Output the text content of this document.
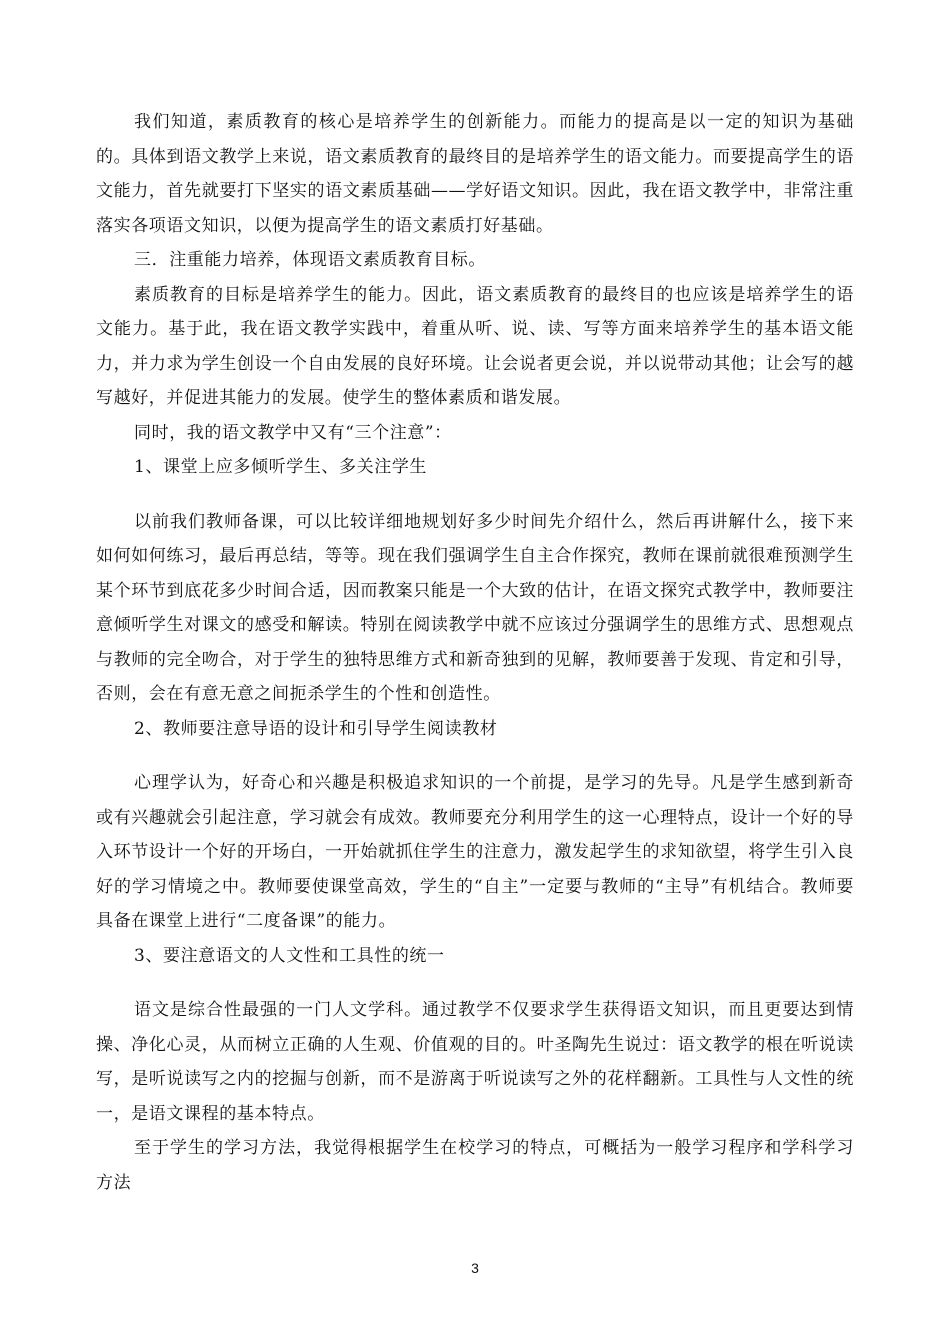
我们知道，素质教育的核心是培养学生的创新能力。而能力的提高是以一定的知识为基础的。具体到语文教学上来说，语文素质教育的最终目的是培养学生的语文能力。而要提高学生的语文能力，首先就要打下坚实的语文素质基础——学好语文知识。因此，我在语文教学中，非常注重落实各项语文知识，以便为提高学生的语文素质打好基础。

三．注重能力培养，体现语文素质教育目标。

素质教育的目标是培养学生的能力。因此，语文素质教育的最终目的也应该是培养学生的语文能力。基于此，我在语文教学实践中，着重从听、说、读、写等方面来培养学生的基本语文能力，并力求为学生创设一个自由发展的良好环境。让会说者更会说，并以说带动其他；让会写的越写越好，并促进其能力的发展。使学生的整体素质和谐发展。

同时，我的语文教学中又有“三个注意”：

1、课堂上应多倾听学生、多关注学生

以前我们教师备课，可以比较详细地规划好多少时间先介绍什么，然后再讲解什么，接下来如何如何练习，最后再总结，等等。现在我们强调学生自主合作探究，教师在课前就很难预测学生某个环节到底花多少时间合适，因而教案只能是一个大致的估计，在语文探究式教学中，教师要注意倾听学生对课文的感受和解读。特别在阅读教学中就不应该过分强调学生的思维方式、思想观点与教师的完全吻合，对于学生的独特思维方式和新奇独到的见解，教师要善于发现、肯定和引导，否则，会在有意无意之间扼杀学生的个性和创造性。

2、教师要注意导语的设计和引导学生阅读教材

心理学认为，好奇心和兴趣是积极追求知识的一个前提，是学习的先导。凡是学生感到新奇或有兴趣就会引起注意，学习就会有成效。教师要充分利用学生的这一心理特点，设计一个好的导入环节设计一个好的开场白，一开始就抓住学生的注意力，激发起学生的求知欲望，将学生引入良好的学习情境之中。教师要使课堂高效，学生的“自主”一定要与教师的“主导”有机结合。教师要具备在课堂上进行“二度备课”的能力。

3、要注意语文的人文性和工具性的统一

语文是综合性最强的一门人文学科。通过教学不仅要求学生获得语文知识，而且更要达到情操、净化心灵，从而树立正确的人生观、价值观的目的。叶圣陶先生说过：语文教学的根在听说读写，是听说读写之内的挖掘与创新，而不是游离于听说读写之外的花样翻新。工具性与人文性的统一，是语文课程的基本特点。

至于学生的学习方法，我觉得根据学生在校学习的特点，可概括为一般学习程序和学科学习方法

3
